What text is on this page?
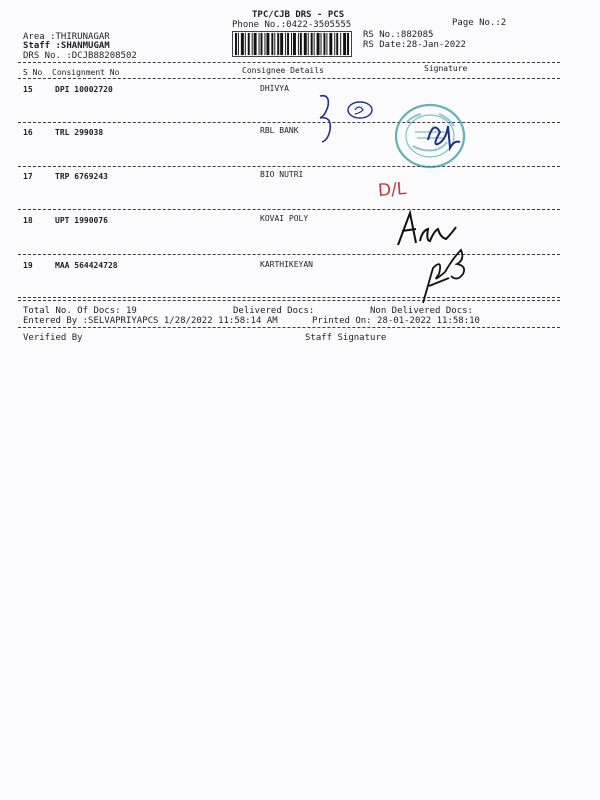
TPC/CJB DRS - PCS
Phone No.:0422-3505555	Page No.:2
Area :THIRUNAGAR
Staff :SHANMUGAM
DRS No. :DCJB88208502
RS No.:882085
RS Date:28-Jan-2022
S No Consignment No	Consignee Details	Signature
15	DPI 10002720	DHIVYA
16	TRL 299038	RBL BANK
17	TRP 6769243	BIO NUTRI
18	UPT 1990076	KOVAI POLY
19	MAA 564424728	KARTHIKEYAN
Total No. Of Docs: 19	Delivered Docs:	Non Delivered Docs:
Entered By :SELVAPRIYAPCS 1/28/2022 11:58:14 AM	Printed On: 28-01-2022 11:58:10
Verified By	Staff Signature
D/L
